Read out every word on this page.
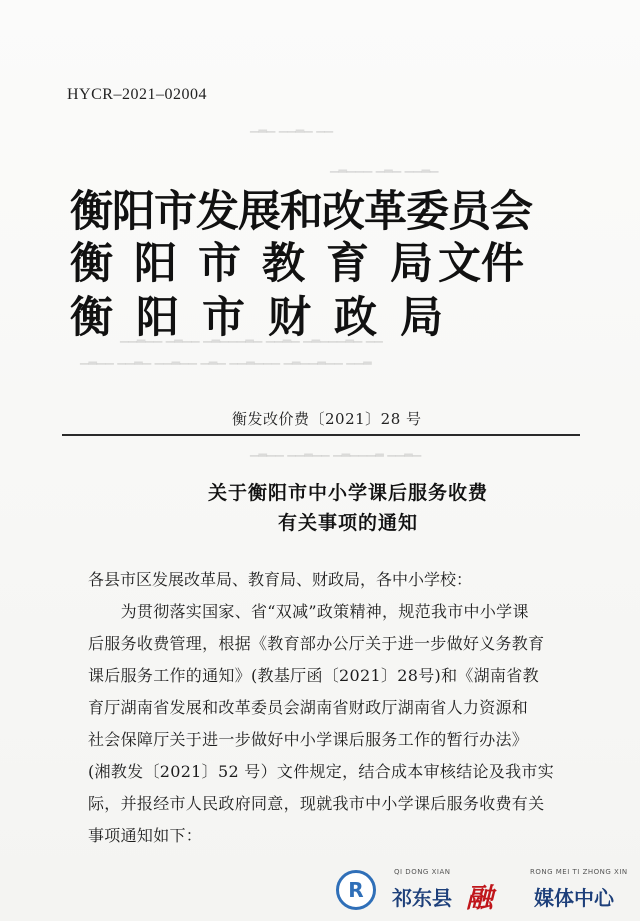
▁▂▁ ▁▁▂▁ ▁▁
▁▂▁▁▁ ▁▂▁ ▁▁▂▁
▁▁▂▁▁ ▁▂▁▁ ▁▂▁▁▁▂▁ ▁▁▂▁ ▁▂▁▁▁▂▁ ▁▁
▁▂▁▁ ▁▁▂▁ ▁▁▂▁▁ ▁▂▁ ▁▁▂▁▁▁ ▁▂▁▁▂▁▁ ▁▁▂
▁▂▁▁ ▁▁▂▁▁ ▁▂▁▁▁▂ ▁▁▂▁
HYCR–2021–02004
衡阳市发展和改革委员会
衡 阳 市 教 育 局文件
衡 阳 市 财 政 局
衡发改价费〔2021〕28 号
关于衡阳市中小学课后服务收费
有关事项的通知
各县市区发展改革局、教育局、财政局，各中小学校：
　　为贯彻落实国家、省“双减”政策精神，规范我市中小学课
后服务收费管理，根据《教育部办公厅关于进一步做好义务教育
课后服务工作的通知》(教基厅函〔2021〕28号)和《湖南省教
育厅湖南省发展和改革委员会湖南省财政厅湖南省人力资源和
社会保障厅关于进一步做好中小学课后服务工作的暂行办法》
(湘教发〔2021〕52 号）文件规定，结合成本审核结论及我市实
际，并报经市人民政府同意，现就我市中小学课后服务收费有关
事项通知如下：
R
QI DONG XIAN	RONG MEI TI ZHONG XIN
祁东县 融 媒体中心
